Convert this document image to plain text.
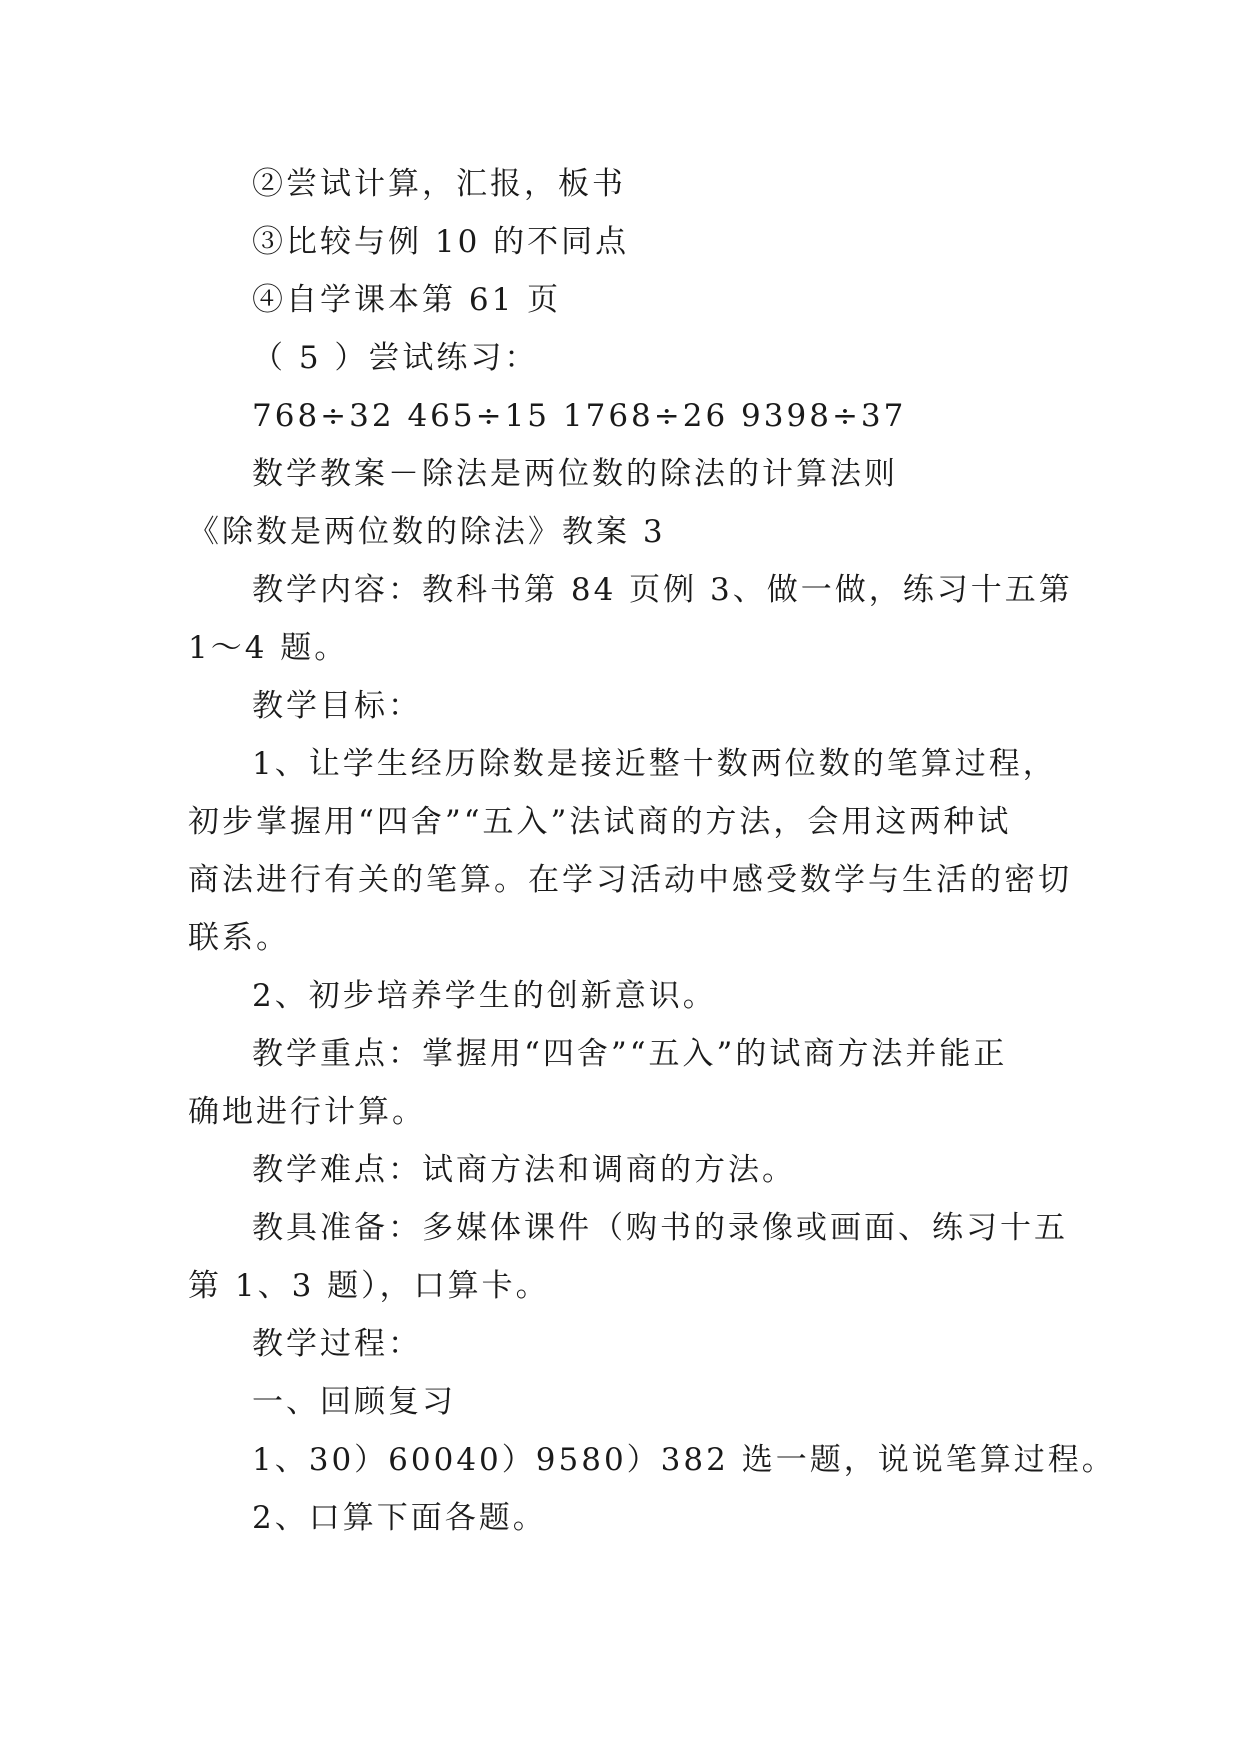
②尝试计算，汇报，板书
③比较与例 10 的不同点
④自学课本第 61 页
（ 5 ）尝试练习：
768÷32 465÷15 1768÷26 9398÷37
数学教案－除法是两位数的除法的计算法则
《除数是两位数的除法》教案 3
教学内容：教科书第 84 页例 3、做一做，练习十五第
1～4 题。
教学目标：
1、让学生经历除数是接近整十数两位数的笔算过程，
初步掌握用“四舍”“五入”法试商的方法，会用这两种试
商法进行有关的笔算。在学习活动中感受数学与生活的密切
联系。
2、初步培养学生的创新意识。
教学重点：掌握用“四舍”“五入”的试商方法并能正
确地进行计算。
教学难点：试商方法和调商的方法。
教具准备：多媒体课件（购书的录像或画面、练习十五
第 1、3 题），口算卡。
教学过程：
一、回顾复习
1、30）60040）9580）382 选一题，说说笔算过程。
2、口算下面各题。
